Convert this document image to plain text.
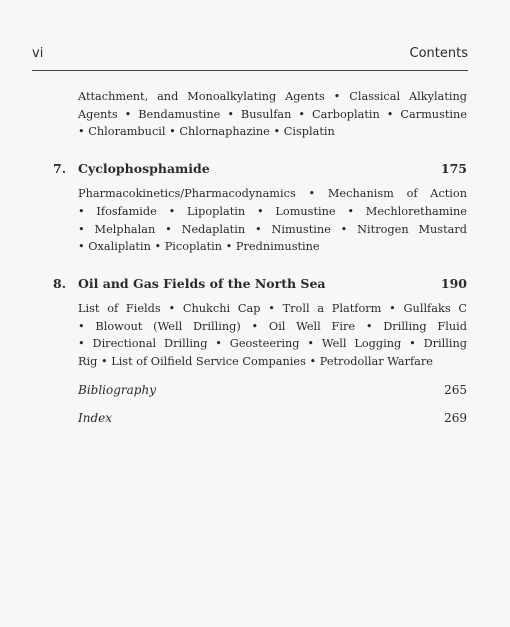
vi	Contents

Attachment, and Monoalkylating Agents • Classical Alkylating

Agents • Bendamustine • Busulfan • Carboplatin • Carmustine

• Chlorambucil • Chlornaphazine • Cisplatin

7. Cyclophosphamide	175

Pharmacokinetics/Pharmacodynamics • Mechanism of Action

• Ifosfamide • Lipoplatin • Lomustine • Mechlorethamine

• Melphalan • Nedaplatin • Nimustine • Nitrogen Mustard

• Oxaliplatin • Picoplatin • Prednimustine

8. Oil and Gas Fields of the North Sea	190

List of Fields • Chukchi Cap • Troll a Platform • Gullfaks C

• Blowout (Well Drilling) • Oil Well Fire • Drilling Fluid

• Directional Drilling • Geosteering • Well Logging • Drilling

Rig • List of Oilfield Service Companies • Petrodollar Warfare

Bibliography	265
Index	269
